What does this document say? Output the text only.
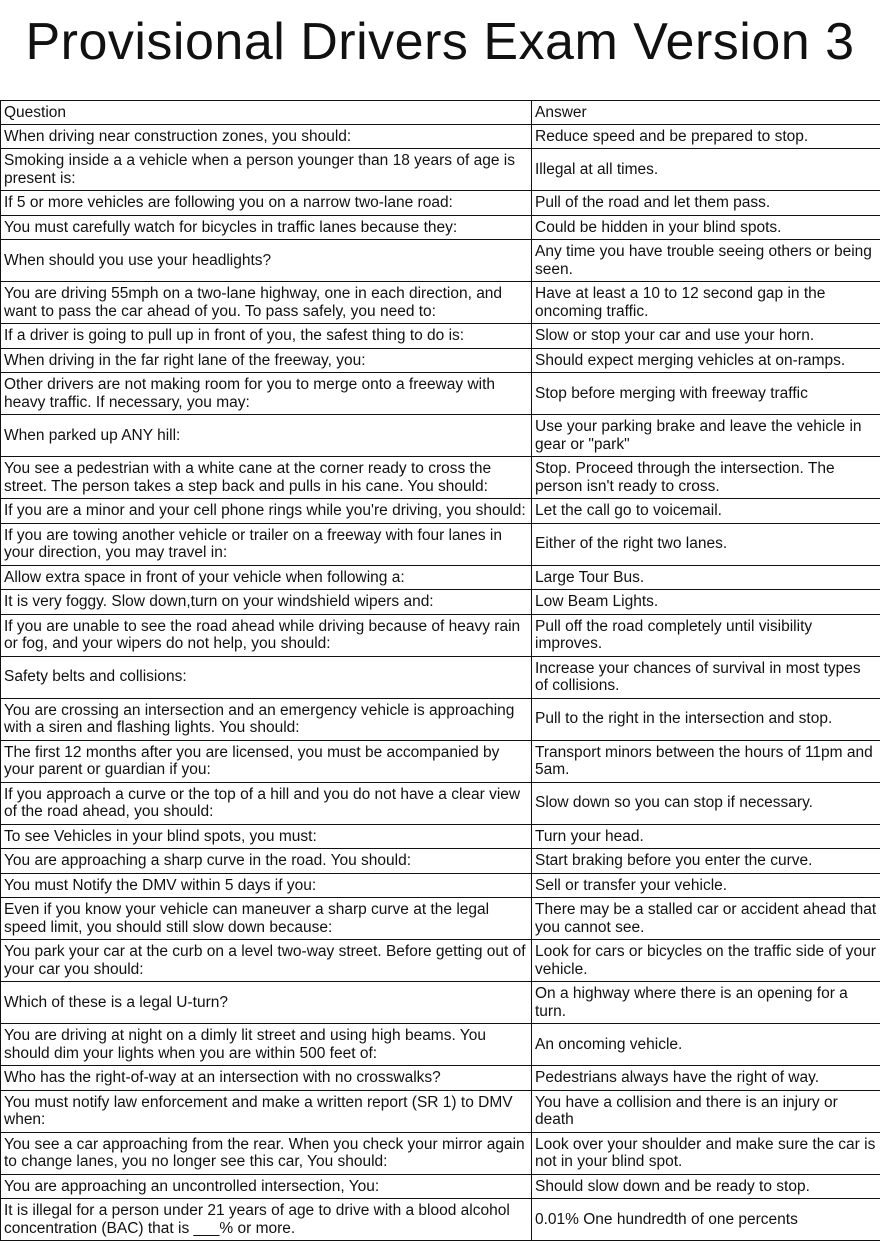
Provisional Drivers Exam Version 3
Question	Answer
When driving near construction zones, you should:	Reduce speed and be prepared to stop.
Smoking inside a a vehicle when a person younger than 18 years of age is present is:	Illegal at all times.
If 5 or more vehicles are following you on a narrow two-lane road:	Pull of the road and let them pass.
You must carefully watch for bicycles in traffic lanes because they:	Could be hidden in your blind spots.
When should you use your headlights?	Any time you have trouble seeing others or being seen.
You are driving 55mph on a two-lane highway, one in each direction, and want to pass the car ahead of you. To pass safely, you need to:	Have at least a 10 to 12 second gap in the oncoming traffic.
If a driver is going to pull up in front of you, the safest thing to do is:	Slow or stop your car and use your horn.
When driving in the far right lane of the freeway, you:	Should expect merging vehicles at on-ramps.
Other drivers are not making room for you to merge onto a freeway with heavy traffic. If necessary, you may:	Stop before merging with freeway traffic
When parked up ANY hill:	Use your parking brake and leave the vehicle in gear or "park"
You see a pedestrian with a white cane at the corner ready to cross the street. The person takes a step back and pulls in his cane. You should:	Stop. Proceed through the intersection. The person isn't ready to cross.
If you are a minor and your cell phone rings while you're driving, you should:	Let the call go to voicemail.
If you are towing another vehicle or trailer on a freeway with four lanes in your direction, you may travel in:	Either of the right two lanes.
Allow extra space in front of your vehicle when following a:	Large Tour Bus.
It is very foggy. Slow down,turn on your windshield wipers and:	Low Beam Lights.
If you are unable to see the road ahead while driving because of heavy rain or fog, and your wipers do not help, you should:	Pull off the road completely until visibility improves.
Safety belts and collisions:	Increase your chances of survival in most types of collisions.
You are crossing an intersection and an emergency vehicle is approaching with a siren and flashing lights. You should:	Pull to the right in the intersection and stop.
The first 12 months after you are licensed, you must be accompanied by your parent or guardian if you:	Transport minors between the hours of 11pm and 5am.
If you approach a curve or the top of a hill and you do not have a clear view of the road ahead, you should:	Slow down so you can stop if necessary.
To see Vehicles in your blind spots, you must:	Turn your head.
You are approaching a sharp curve in the road. You should:	Start braking before you enter the curve.
You must Notify the DMV within 5 days if you:	Sell or transfer your vehicle.
Even if you know your vehicle can maneuver a sharp curve at the legal speed limit, you should still slow down because:	There may be a stalled car or accident ahead that you cannot see.
You park your car at the curb on a level two-way street. Before getting out of your car you should:	Look for cars or bicycles on the traffic side of your vehicle.
Which of these is a legal U-turn?	On a highway where there is an opening for a turn.
You are driving at night on a dimly lit street and using high beams. You should dim your lights when you are within 500 feet of:	An oncoming vehicle.
Who has the right-of-way at an intersection with no crosswalks?	Pedestrians always have the right of way.
You must notify law enforcement and make a written report (SR 1) to DMV when:	You have a collision and there is an injury or death
You see a car approaching from the rear. When you check your mirror again to change lanes, you no longer see this car, You should:	Look over your shoulder and make sure the car is not in your blind spot.
You are approaching an uncontrolled intersection, You:	Should slow down and be ready to stop.
It is illegal for a person under 21 years of age to drive with a blood alcohol concentration (BAC) that is ___% or more.	0.01% One hundredth of one percents
